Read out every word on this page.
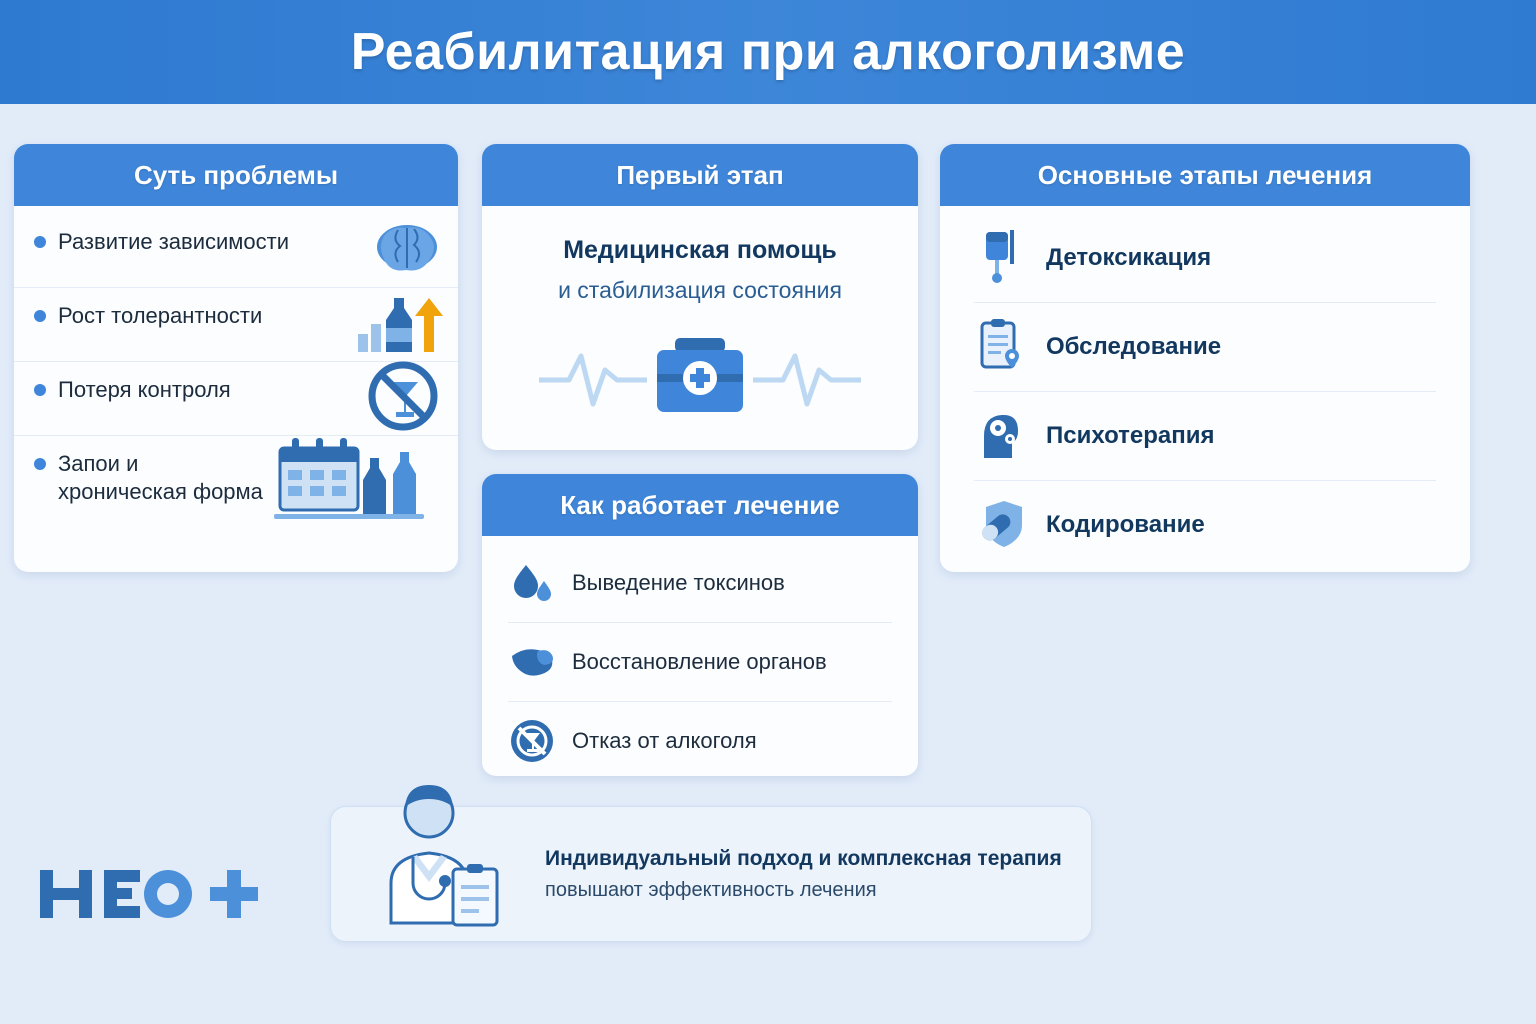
Реабилитация при алкоголизме
Суть проблемы
Развитие зависимости
Рост толерантности
Потеря контроля
Запои и хроническая форма
Первый этап
Медицинская помощь
и стабилизация состояния
Как работает лечение
Выведение токсинов
Восстановление органов
Отказ от алкоголя
Основные этапы лечения
Детоксикация
Обследование
Психотерапия
Кодирование
Индивидуальный подход и комплексная терапия
повышают эффективность лечения
